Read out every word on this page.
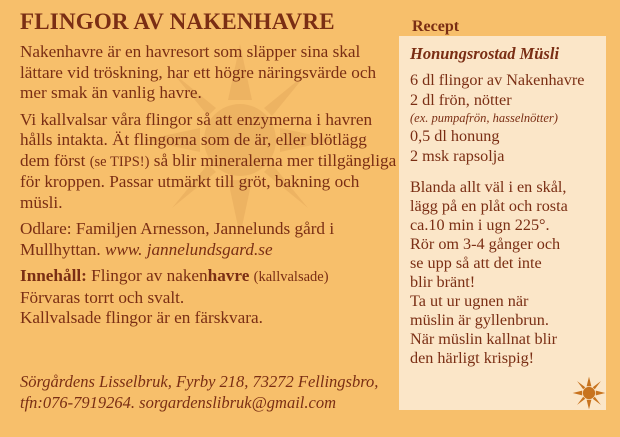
FLINGOR AV NAKENHAVRE

Nakenhavre är en havresort som släpper sina skal lättare vid tröskning, har ett högre näringsvärde och mer smak än vanlig havre.

Vi kallvalsar våra flingor så att enzymerna i havren hålls intakta. Ät flingorna som de är, eller blötlägg dem först (se TIPS!) så blir mineralerna mer tillgängliga för kroppen. Passar utmärkt till gröt, bakning och müsli.

Odlare: Familjen Arnesson, Jannelunds gård i Mullhyttan. www. jannelundsgard.se

Innehåll: Flingor av nakenhavre (kallvalsade)
Förvaras torrt och svalt.
Kallvalsade flingor är en färskvara.

Sörgårdens Lisselbruk, Fyrby 218, 73272 Fellingsbro,
tfn:076-7919264. sorgardenslibruk@gmail.com
Recept
Honungsrostad Müsli
6 dl flingor av Nakenhavre
2 dl frön, nötter
(ex. pumpafrön, hasselnötter)
0,5 dl honung
2 msk rapsolja
Blanda allt väl i en skål,
lägg på en plåt och rosta
ca.10 min i ugn 225°.
Rör om 3-4 gånger och
se upp så att det inte
blir bränt!
Ta ut ur ugnen när
müslin är gyllenbrun.
När müslin kallnat blir
den härligt krispig!
